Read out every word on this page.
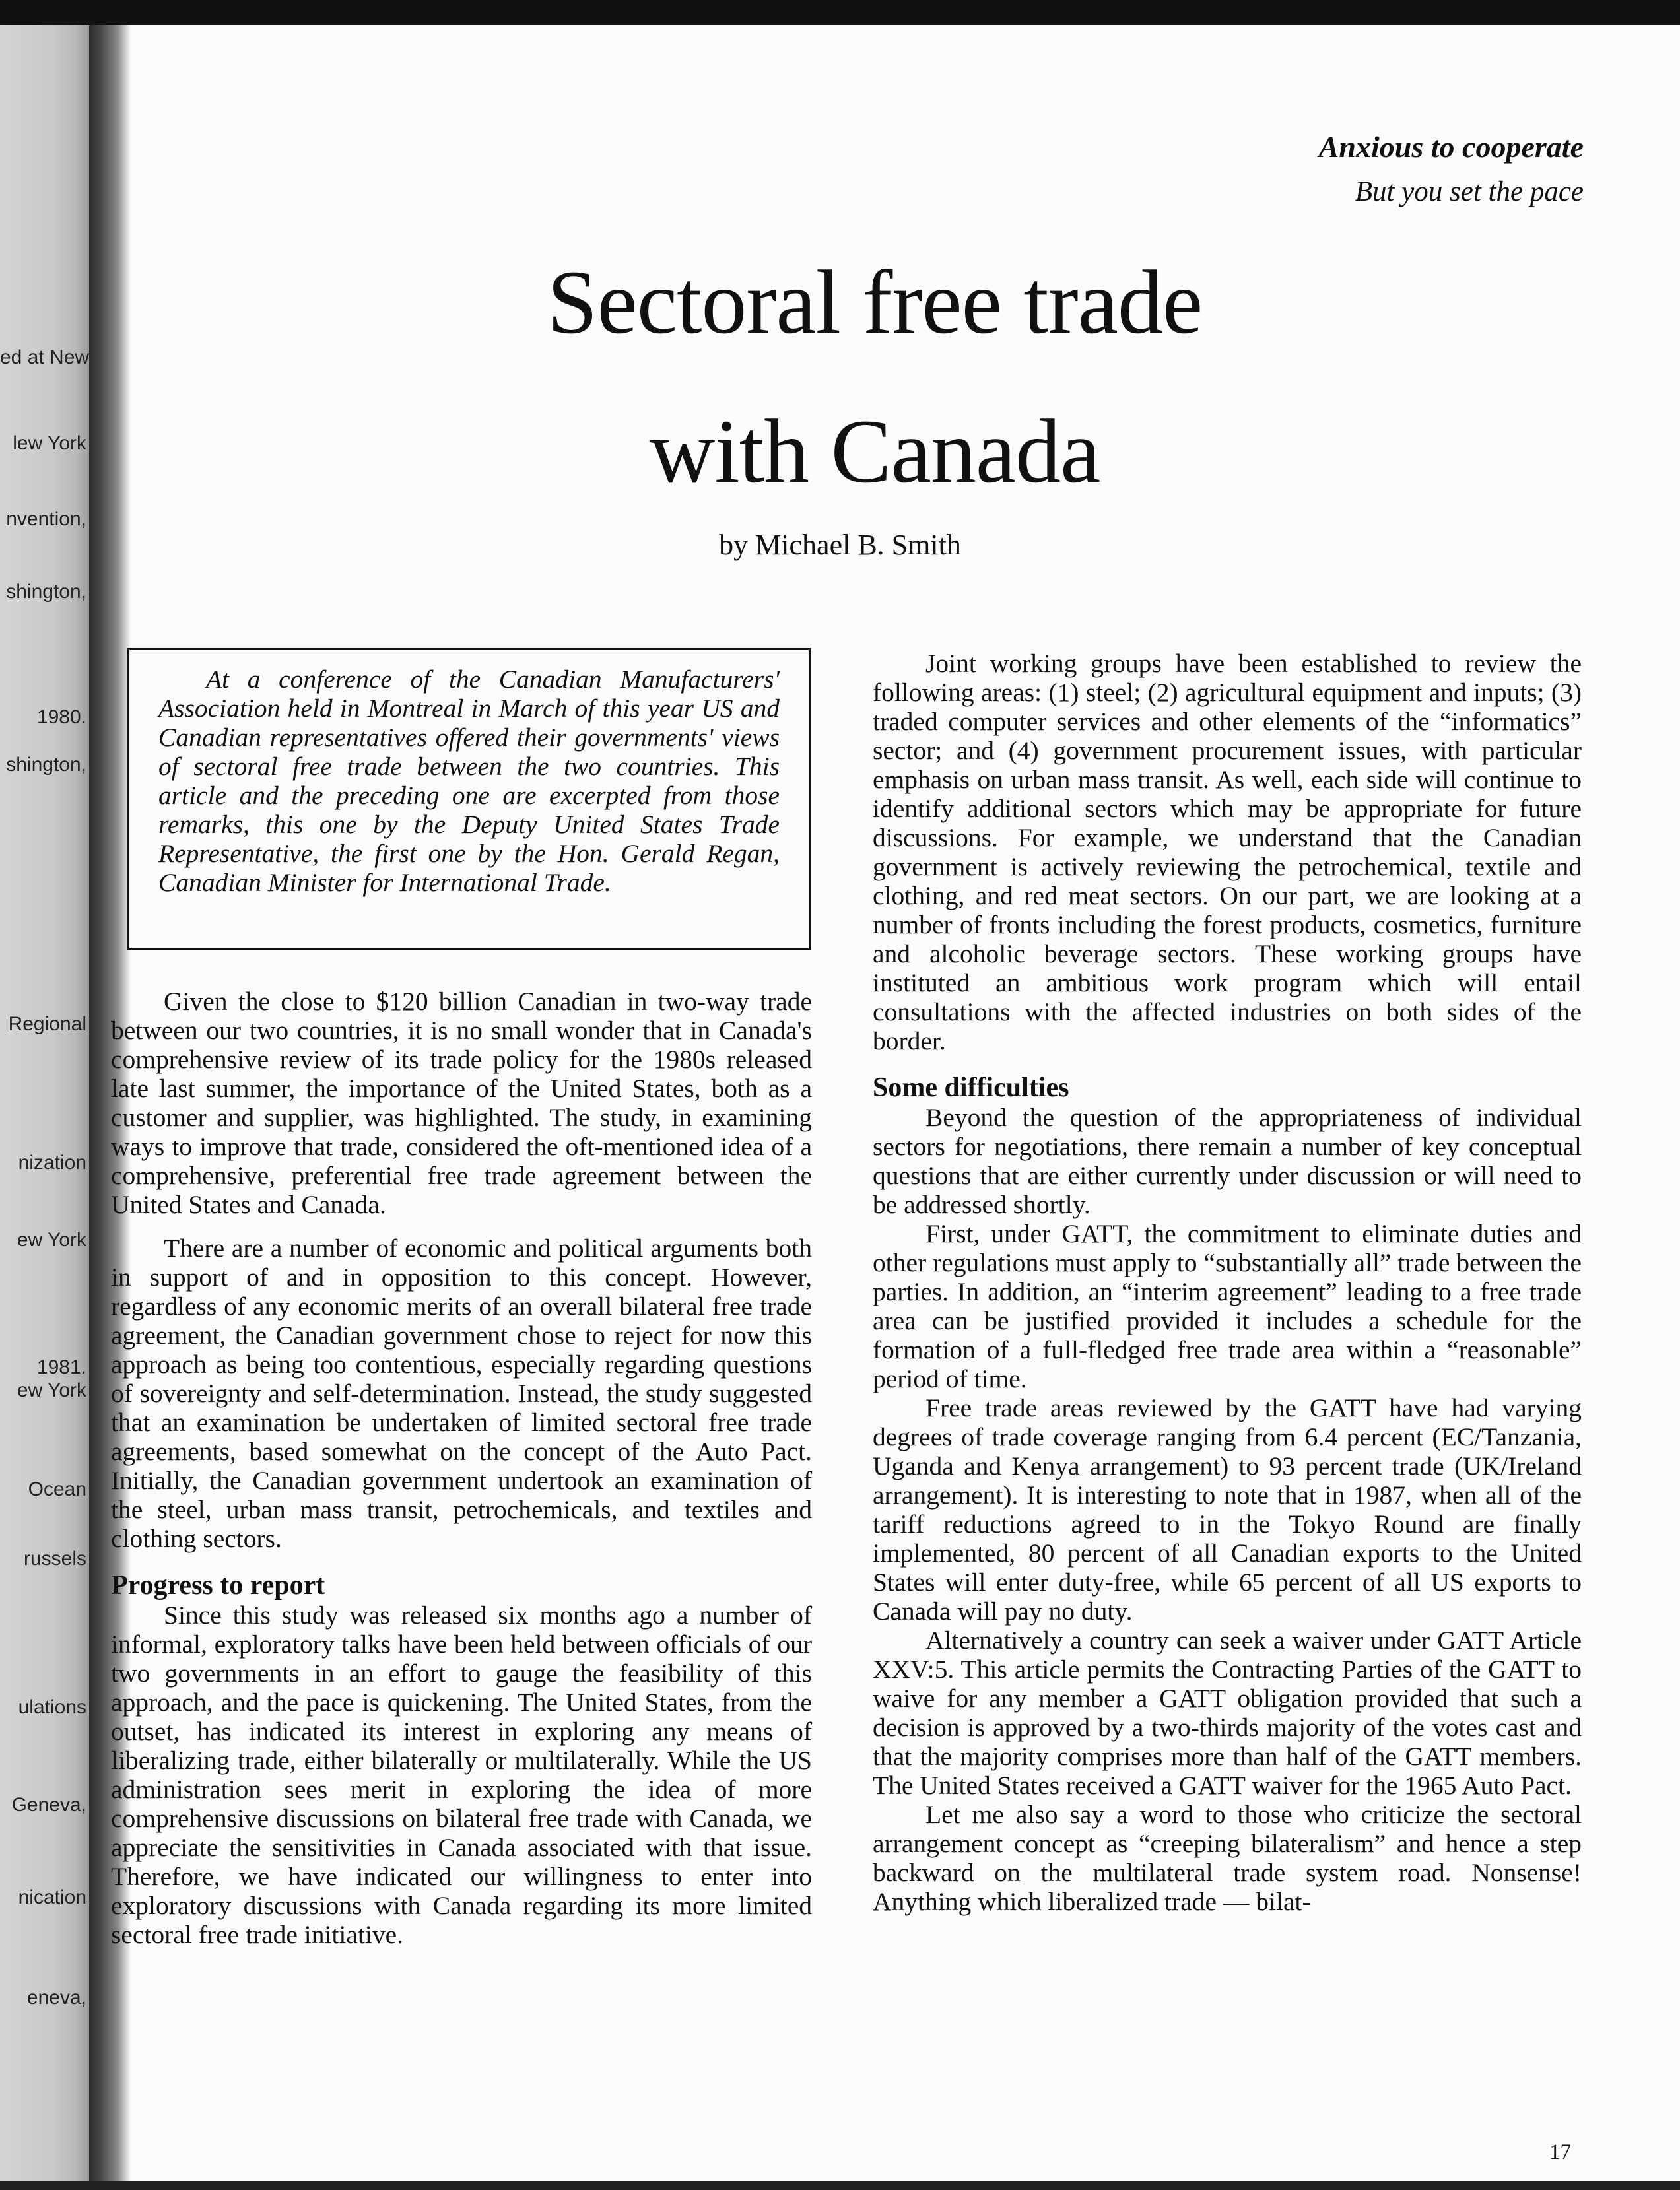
ed at New
lew York
nvention,
shington,
1980.
shington,
Regional
nization
ew York
1981.
ew York
Ocean
russels
ulations
Geneva,
nication
eneva,
Anxious to cooperate
But you set the pace
Sectoral free trade
with Canada
by Michael B. Smith

At a conference of the Canadian Manufacturers' Association held in Montreal in March of this year US and Canadian representatives offered their governments' views of sectoral free trade between the two countries. This article and the preceding one are excerpted from those remarks, this one by the Deputy United States Trade Representative, the first one by the Hon. Gerald Regan, Canadian Minister for International Trade.

Given the close to $120 billion Canadian in two-way trade between our two countries, it is no small wonder that in Canada's comprehensive review of its trade policy for the 1980s released late last summer, the importance of the United States, both as a customer and supplier, was highlighted. The study, in examining ways to improve that trade, considered the oft-mentioned idea of a comprehensive, preferential free trade agreement between the United States and Canada.

There are a number of economic and political arguments both in support of and in opposition to this concept. However, regardless of any economic merits of an overall bilateral free trade agreement, the Canadian government chose to reject for now this approach as being too contentious, especially regarding questions of sovereignty and self-determination. Instead, the study suggested that an examination be undertaken of limited sectoral free trade agreements, based somewhat on the concept of the Auto Pact. Initially, the Canadian government undertook an examination of the steel, urban mass transit, petrochemicals, and textiles and clothing sectors.

Progress to report

Since this study was released six months ago a number of informal, exploratory talks have been held between officials of our two governments in an effort to gauge the feasibility of this approach, and the pace is quickening. The United States, from the outset, has indicated its interest in exploring any means of liberalizing trade, either bilaterally or multilaterally. While the US administration sees merit in exploring the idea of more comprehensive discussions on bilateral free trade with Canada, we appreciate the sensitivities in Canada associated with that issue. Therefore, we have indicated our willingness to enter into exploratory discussions with Canada regarding its more limited sectoral free trade initiative.

Joint working groups have been established to review the following areas: (1) steel; (2) agricultural equipment and inputs; (3) traded computer services and other elements of the “informatics” sector; and (4) government procurement issues, with particular emphasis on urban mass transit. As well, each side will continue to identify additional sectors which may be appropriate for future discussions. For example, we understand that the Canadian government is actively reviewing the petrochemical, textile and clothing, and red meat sectors. On our part, we are looking at a number of fronts including the forest products, cosmetics, furniture and alcoholic beverage sectors. These working groups have instituted an ambitious work program which will entail consultations with the affected industries on both sides of the border.

Some difficulties

Beyond the question of the appropriateness of individual sectors for negotiations, there remain a number of key conceptual questions that are either currently under discussion or will need to be addressed shortly.

First, under GATT, the commitment to eliminate duties and other regulations must apply to “substantially all” trade between the parties. In addition, an “interim agreement” leading to a free trade area can be justified provided it includes a schedule for the formation of a full-fledged free trade area within a “reasonable” period of time.

Free trade areas reviewed by the GATT have had varying degrees of trade coverage ranging from 6.4 percent (EC/Tanzania, Uganda and Kenya arrangement) to 93 percent trade (UK/Ireland arrangement). It is interesting to note that in 1987, when all of the tariff reductions agreed to in the Tokyo Round are finally implemented, 80 percent of all Canadian exports to the United States will enter duty-free, while 65 percent of all US exports to Canada will pay no duty.

Alternatively a country can seek a waiver under GATT Article XXV:5. This article permits the Contracting Parties of the GATT to waive for any member a GATT obligation provided that such a decision is approved by a two-thirds majority of the votes cast and that the majority comprises more than half of the GATT members. The United States received a GATT waiver for the 1965 Auto Pact.

Let me also say a word to those who criticize the sectoral arrangement concept as “creeping bilateralism” and hence a step backward on the multilateral trade system road. Nonsense! Anything which liberalized trade — bilat-

17
